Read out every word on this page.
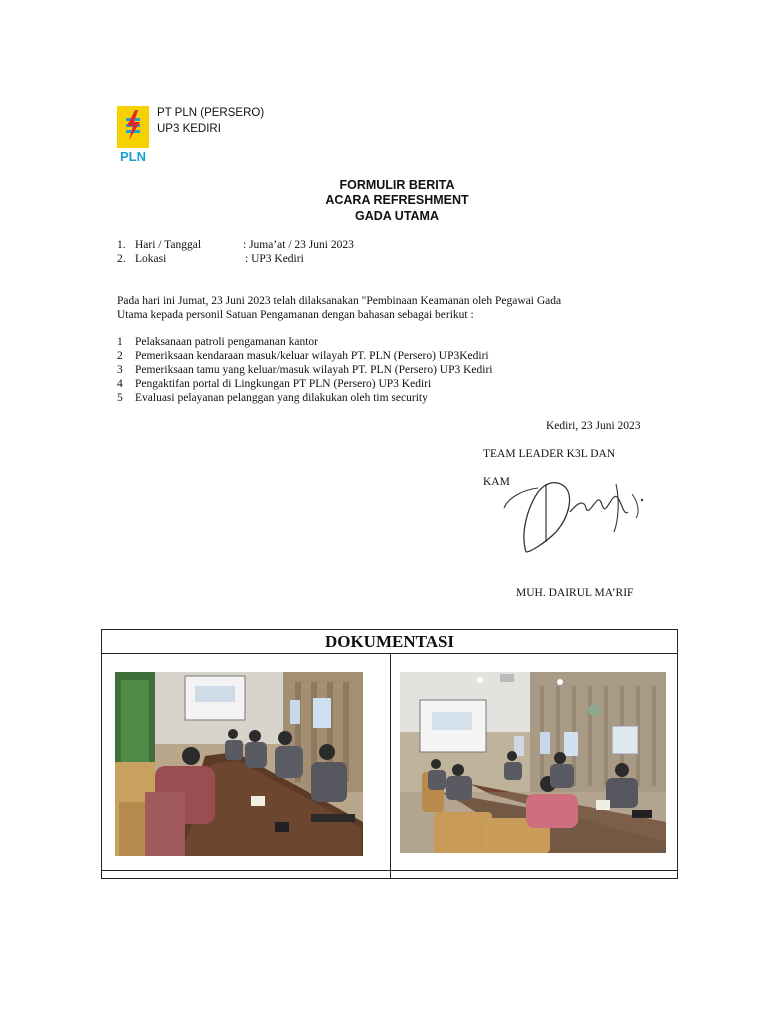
PLN
PT PLN (PERSERO)
UP3 KEDIRI
FORMULIR BERITA
ACARA REFRESHMENT
GADA UTAMA
1. Hari / Tanggal	: Juma’at / 23 Juni 2023
2. Lokasi	: UP3 Kediri
Pada hari ini Jumat, 23 Juni 2023 telah dilaksanakan "Pembinaan Keamanan oleh Pegawai Gada
Utama kepada personil Satuan Pengamanan dengan bahasan sebagai berikut :
1 Pelaksanaan patroli pengamanan kantor
2 Pemeriksaan kendaraan masuk/keluar wilayah PT. PLN (Persero) UP3Kediri
3 Pemeriksaan tamu yang keluar/masuk wilayah PT. PLN (Persero) UP3 Kediri
4 Pengaktifan portal di Lingkungan PT PLN (Persero) UP3 Kediri
5 Evaluasi pelayanan pelanggan yang dilakukan oleh tim security
Kediri, 23 Juni 2023
TEAM LEADER K3L DAN
KAM
MUH. DAIRUL MA’RIF
DOKUMENTASI
